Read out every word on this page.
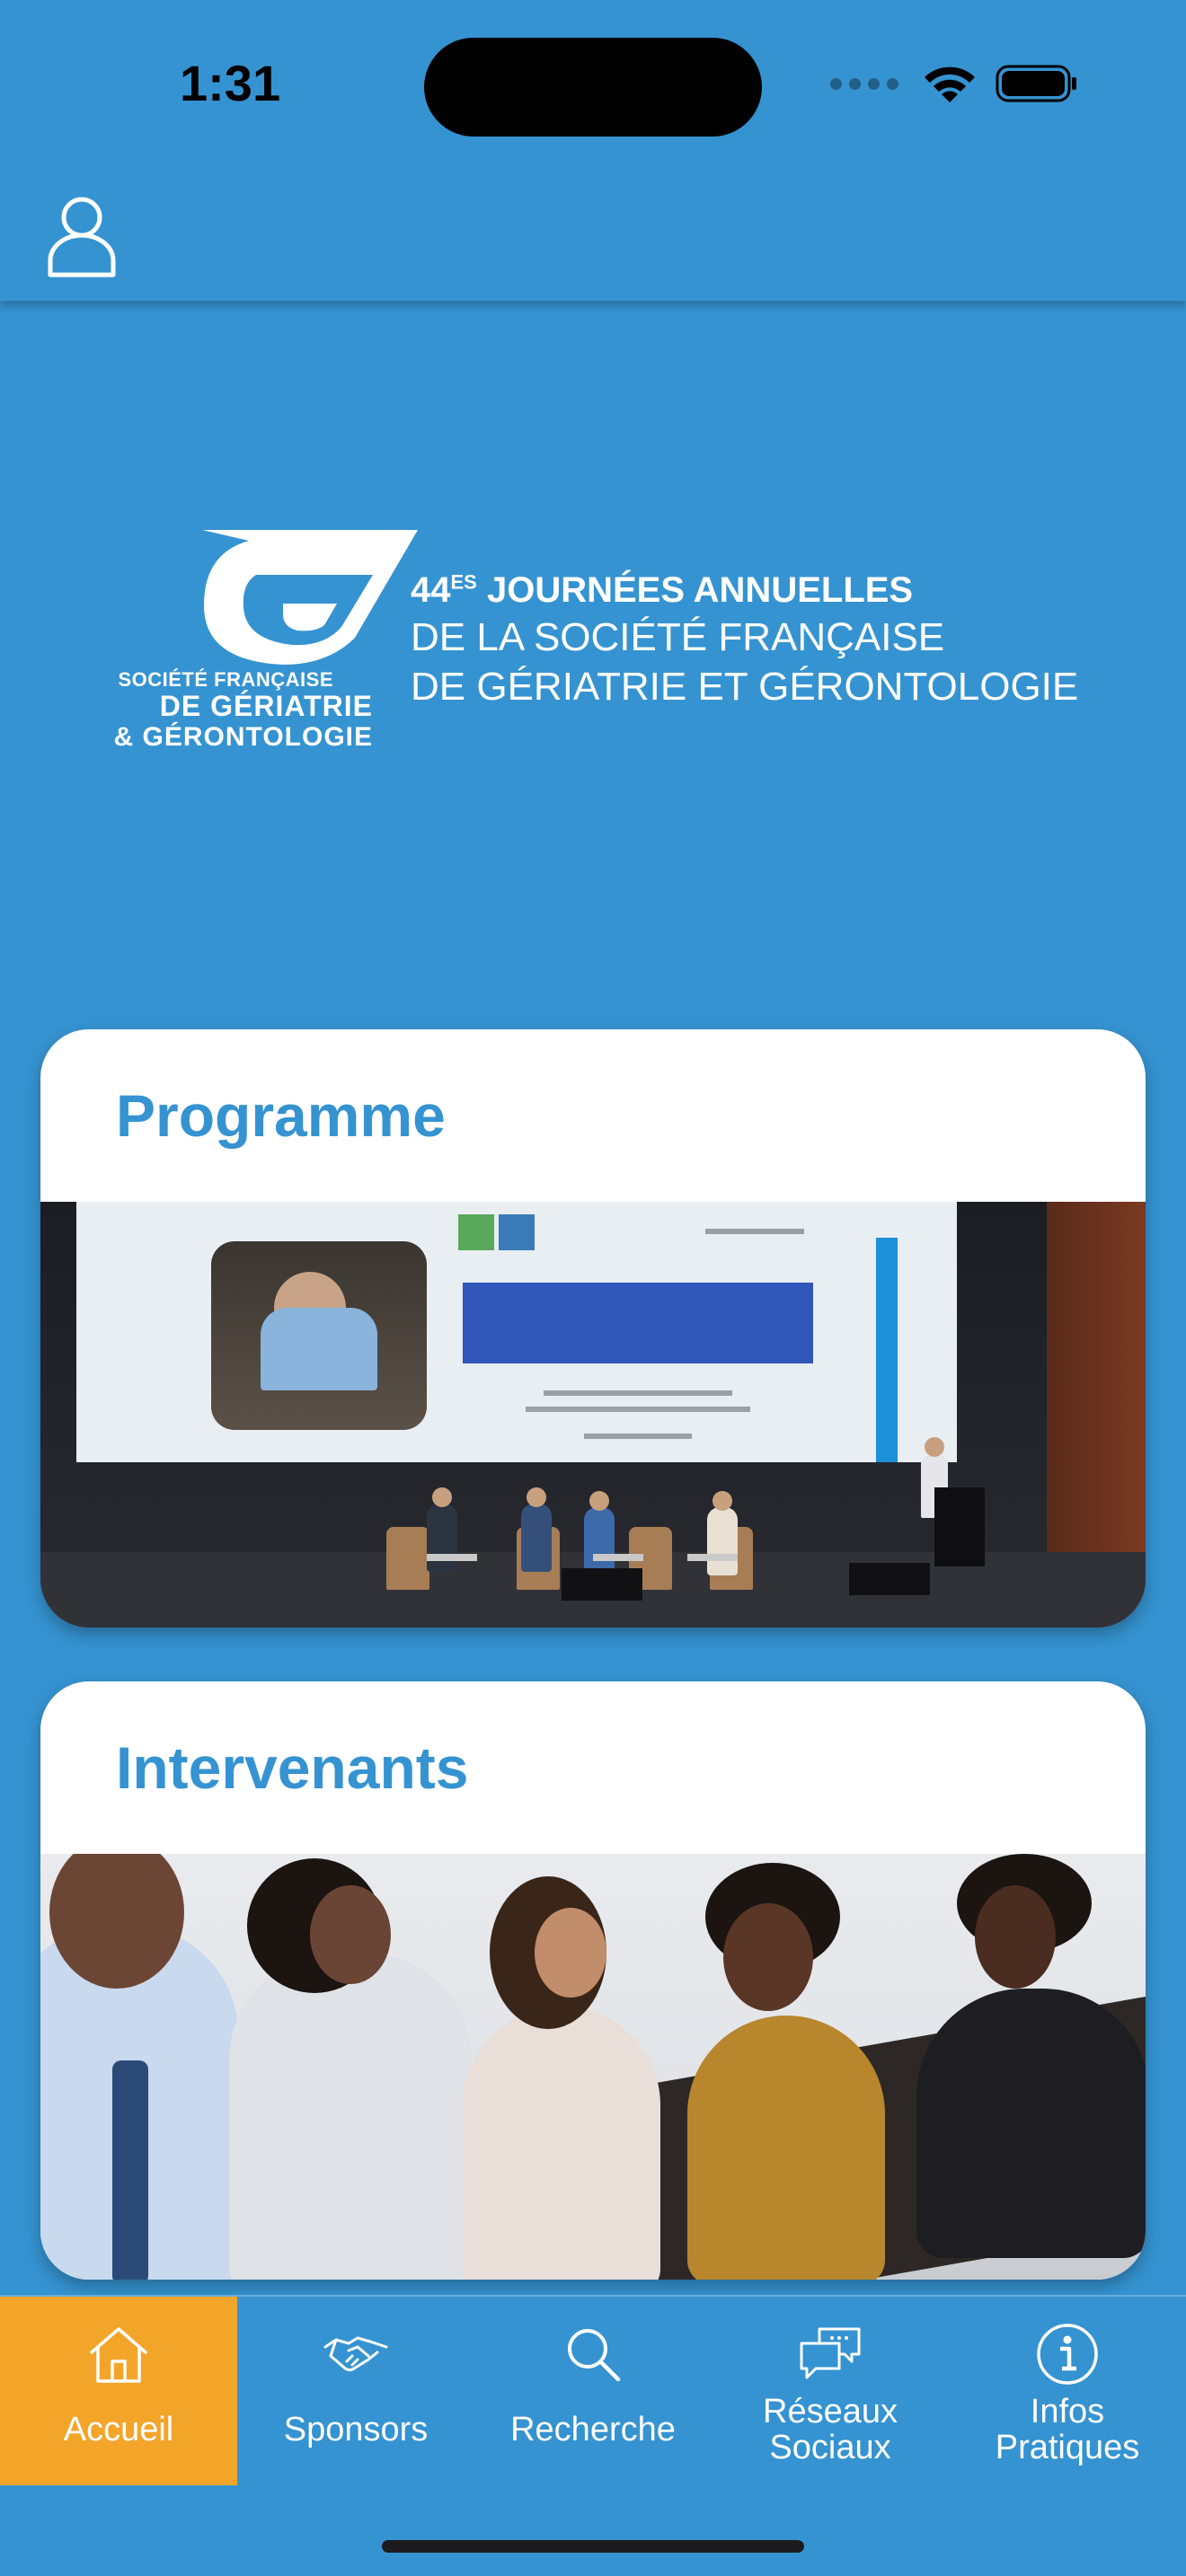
1:31
SOCIÉTÉ FRANÇAISE
DE GÉRIATRIE
& GÉRONTOLOGIE
$44^{ES}$ JOURNÉES ANNUELLES
DE LA SOCIÉTÉ FRANÇAISE
DE GÉRIATRIE ET GÉRONTOLOGIE
Programme
Intervenants
Accueil	Sponsors	Recherche	Réseaux
Sociaux
Infos
Pratiques
